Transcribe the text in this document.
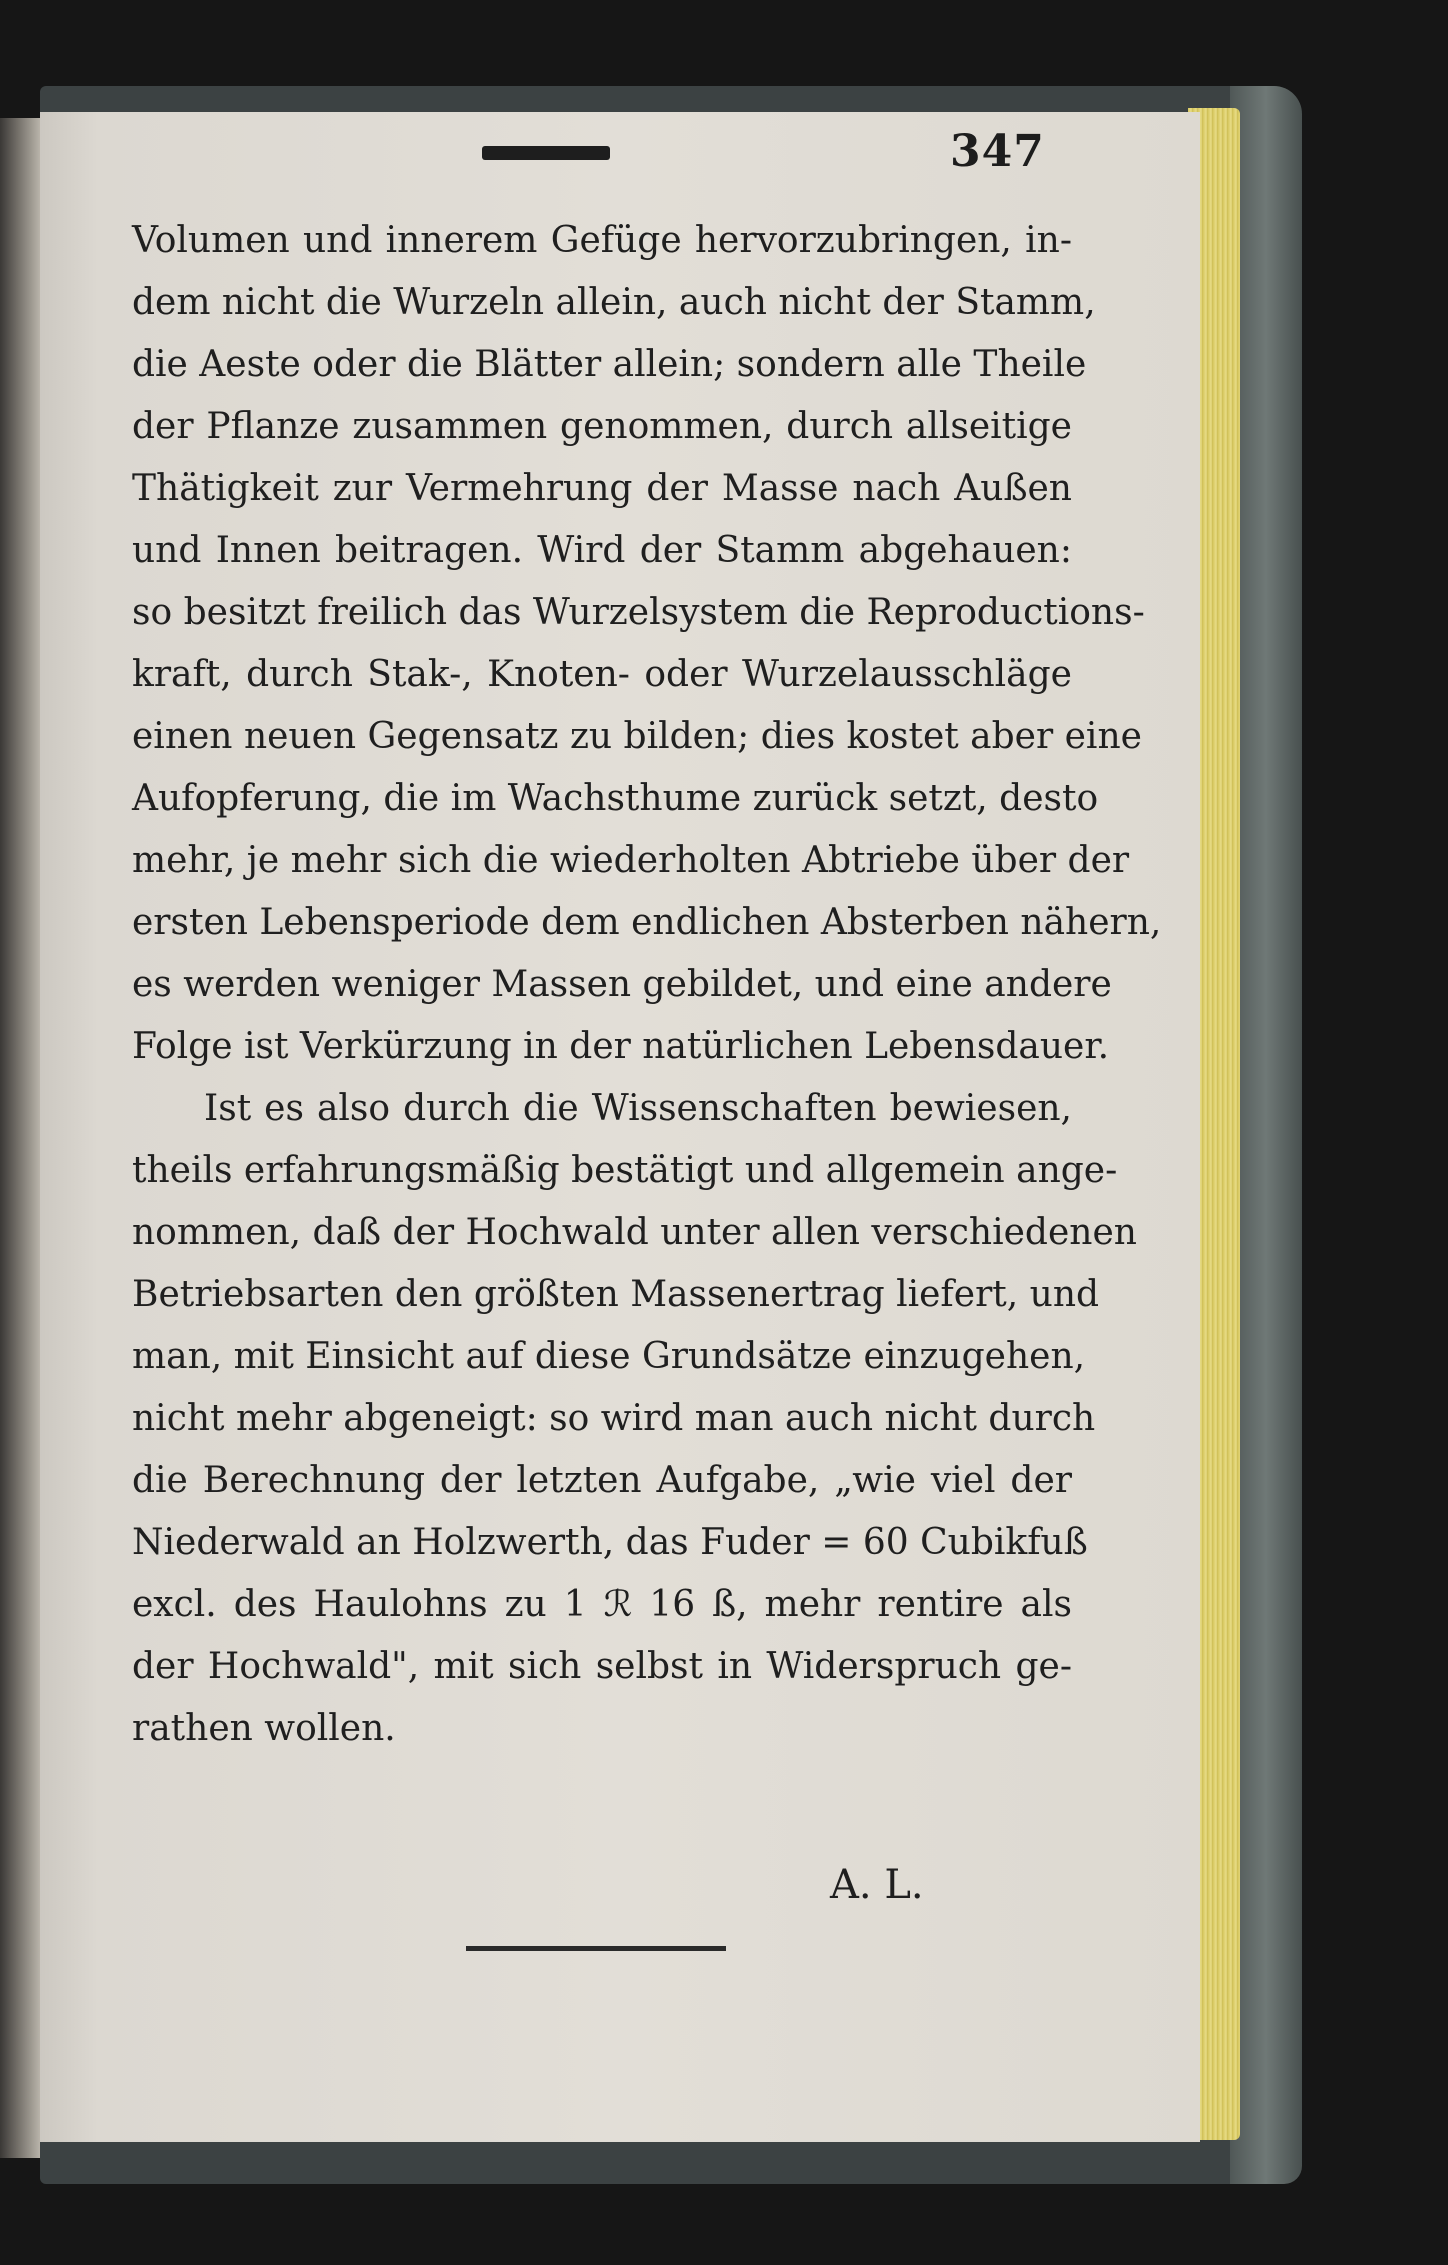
347
Volumen und innerem Gefüge hervorzubringen, in-
dem nicht die Wurzeln allein, auch nicht der Stamm,
die Aeste oder die Blätter allein; sondern alle Theile
der Pflanze zusammen genommen, durch allseitige
Thätigkeit zur Vermehrung der Masse nach Außen
und Innen beitragen. Wird der Stamm abgehauen:
so besitzt freilich das Wurzelsystem die Reproductions-
kraft, durch Stak-, Knoten- oder Wurzelausschläge
einen neuen Gegensatz zu bilden; dies kostet aber eine
Aufopferung, die im Wachsthume zurück setzt, desto
mehr, je mehr sich die wiederholten Abtriebe über der
ersten Lebensperiode dem endlichen Absterben nähern,
es werden weniger Massen gebildet, und eine andere
Folge ist Verkürzung in der natürlichen Lebensdauer.
Ist es also durch die Wissenschaften bewiesen,
theils erfahrungsmäßig bestätigt und allgemein ange-
nommen, daß der Hochwald unter allen verschiedenen
Betriebsarten den größten Massenertrag liefert, und
man, mit Einsicht auf diese Grundsätze einzugehen,
nicht mehr abgeneigt: so wird man auch nicht durch
die Berechnung der letzten Aufgabe, „wie viel der
Niederwald an Holzwerth, das Fuder = 60 Cubikfuß
excl. des Haulohns zu 1 ℛ 16 ß, mehr rentire als
der Hochwald", mit sich selbst in Widerspruch ge-
rathen wollen.
A. L.
